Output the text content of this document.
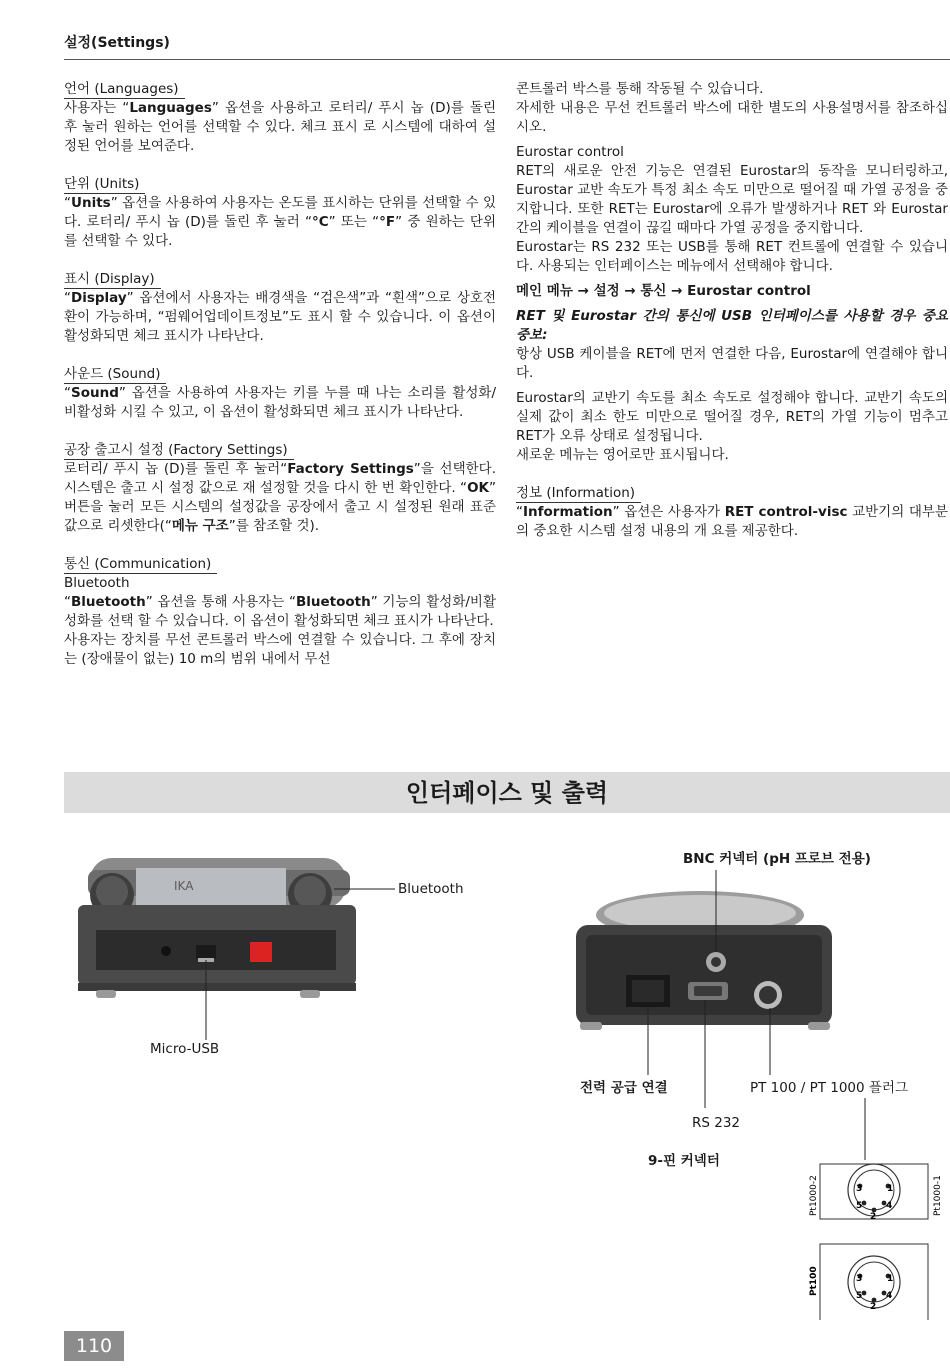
설정(Settings)
언어 (Languages)

사용자는 “Languages” 옵션을 사용하고 로터리/ 푸시 놉 (D)를 돌린 후 눌러 원하는 언어를 선택할 수 있다. 체크 표시 로 시스템에 대하여 설정된 언어를 보여준다.

단위 (Units)

“Units” 옵션을 사용하여 사용자는 온도를 표시하는 단위를 선택할 수 있다. 로터리/ 푸시 놉 (D)를 돌린 후 눌러 “°C” 또는 “°F” 중 원하는 단위를 선택할 수 있다.

표시 (Display)

“Display” 옵션에서 사용자는 배경색을 “검은색”과 “흰색”으로 상호전환이 가능하며, “펌웨어업데이트정보”도 표시 할 수 있습니다. 이 옵션이 활성화되면 체크 표시가 나타난다.

사운드 (Sound)

“Sound” 옵션을 사용하여 사용자는 키를 누를 때 나는 소리를 활성화/ 비활성화 시킬 수 있고, 이 옵션이 활성화되면 체크 표시가 나타난다.

공장 출고시 설정 (Factory Settings)

로터리/ 푸시 놉 (D)를 돌린 후 눌러“Factory Settings”을 선택한다. 시스템은 출고 시 설정 값으로 재 설정할 것을 다시 한 번 확인한다. “OK” 버튼을 눌러 모든 시스템의 설정값을 공장에서 출고 시 설정된 원래 표준 값으로 리셋한다(“메뉴 구조”를 참조할 것).

통신 (Communication)

Bluetooth

“Bluetooth” 옵션을 통해 사용자는 “Bluetooth” 기능의 활성화/비활성화를 선택 할 수 있습니다. 이 옵션이 활성화되면 체크 표시가 나타난다.

사용자는 장치를 무선 콘트롤러 박스에 연결할 수 있습니다. 그 후에 장치는 (장애물이 없는) 10 m의 범위 내에서 무선

콘트롤러 박스를 통해 작동될 수 있습니다.

자세한 내용은 무선 컨트롤러 박스에 대한 별도의 사용설명서를 참조하십시오.

Eurostar control

RET의 새로운 안전 기능은 연결된 Eurostar의 동작을 모니터링하고, Eurostar 교반 속도가 특정 최소 속도 미만으로 떨어질 때 가열 공정을 중지합니다. 또한 RET는 Eurostar에 오류가 발생하거나 RET 와 Eurostar 간의 케이블을 연결이 끊길 때마다 가열 공정을 중지합니다.

Eurostar는 RS 232 또는 USB를 통해 RET 컨트롤에 연결할 수 있습니다. 사용되는 인터페이스는 메뉴에서 선택해야 합니다.

메인 메뉴 → 설정 → 통신 → Eurostar control

RET 및 Eurostar 간의 통신에 USB 인터페이스를 사용할 경우 중요 중보:

항상 USB 케이블을 RET에 먼저 연결한 다음, Eurostar에 연결해야 합니다.

Eurostar의 교반기 속도를 최소 속도로 설정해야 합니다. 교반기 속도의 실제 값이 최소 한도 미만으로 떨어질 경우, RET의 가열 기능이 멈추고 RET가 오류 상태로 설정됩니다.

새로운 메뉴는 영어로만 표시됩니다.

정보 (Information)

“Information” 옵션은 사용자가 RET control-visc 교반기의 대부분의 중요한 시스템 설정 내용의 개 요를 제공한다.

인터페이스 및 출력
IKA
3	1
5	4
2
Pt1000-2	Pt1000-1
3	1
5	4
2
Pt100
Bluetooth
Micro-USB
BNC 커넥터 (pH 프로브 전용)
전력 공급 연결
RS 232
PT 100 / PT 1000 플러그
9-핀 커넥터
110
